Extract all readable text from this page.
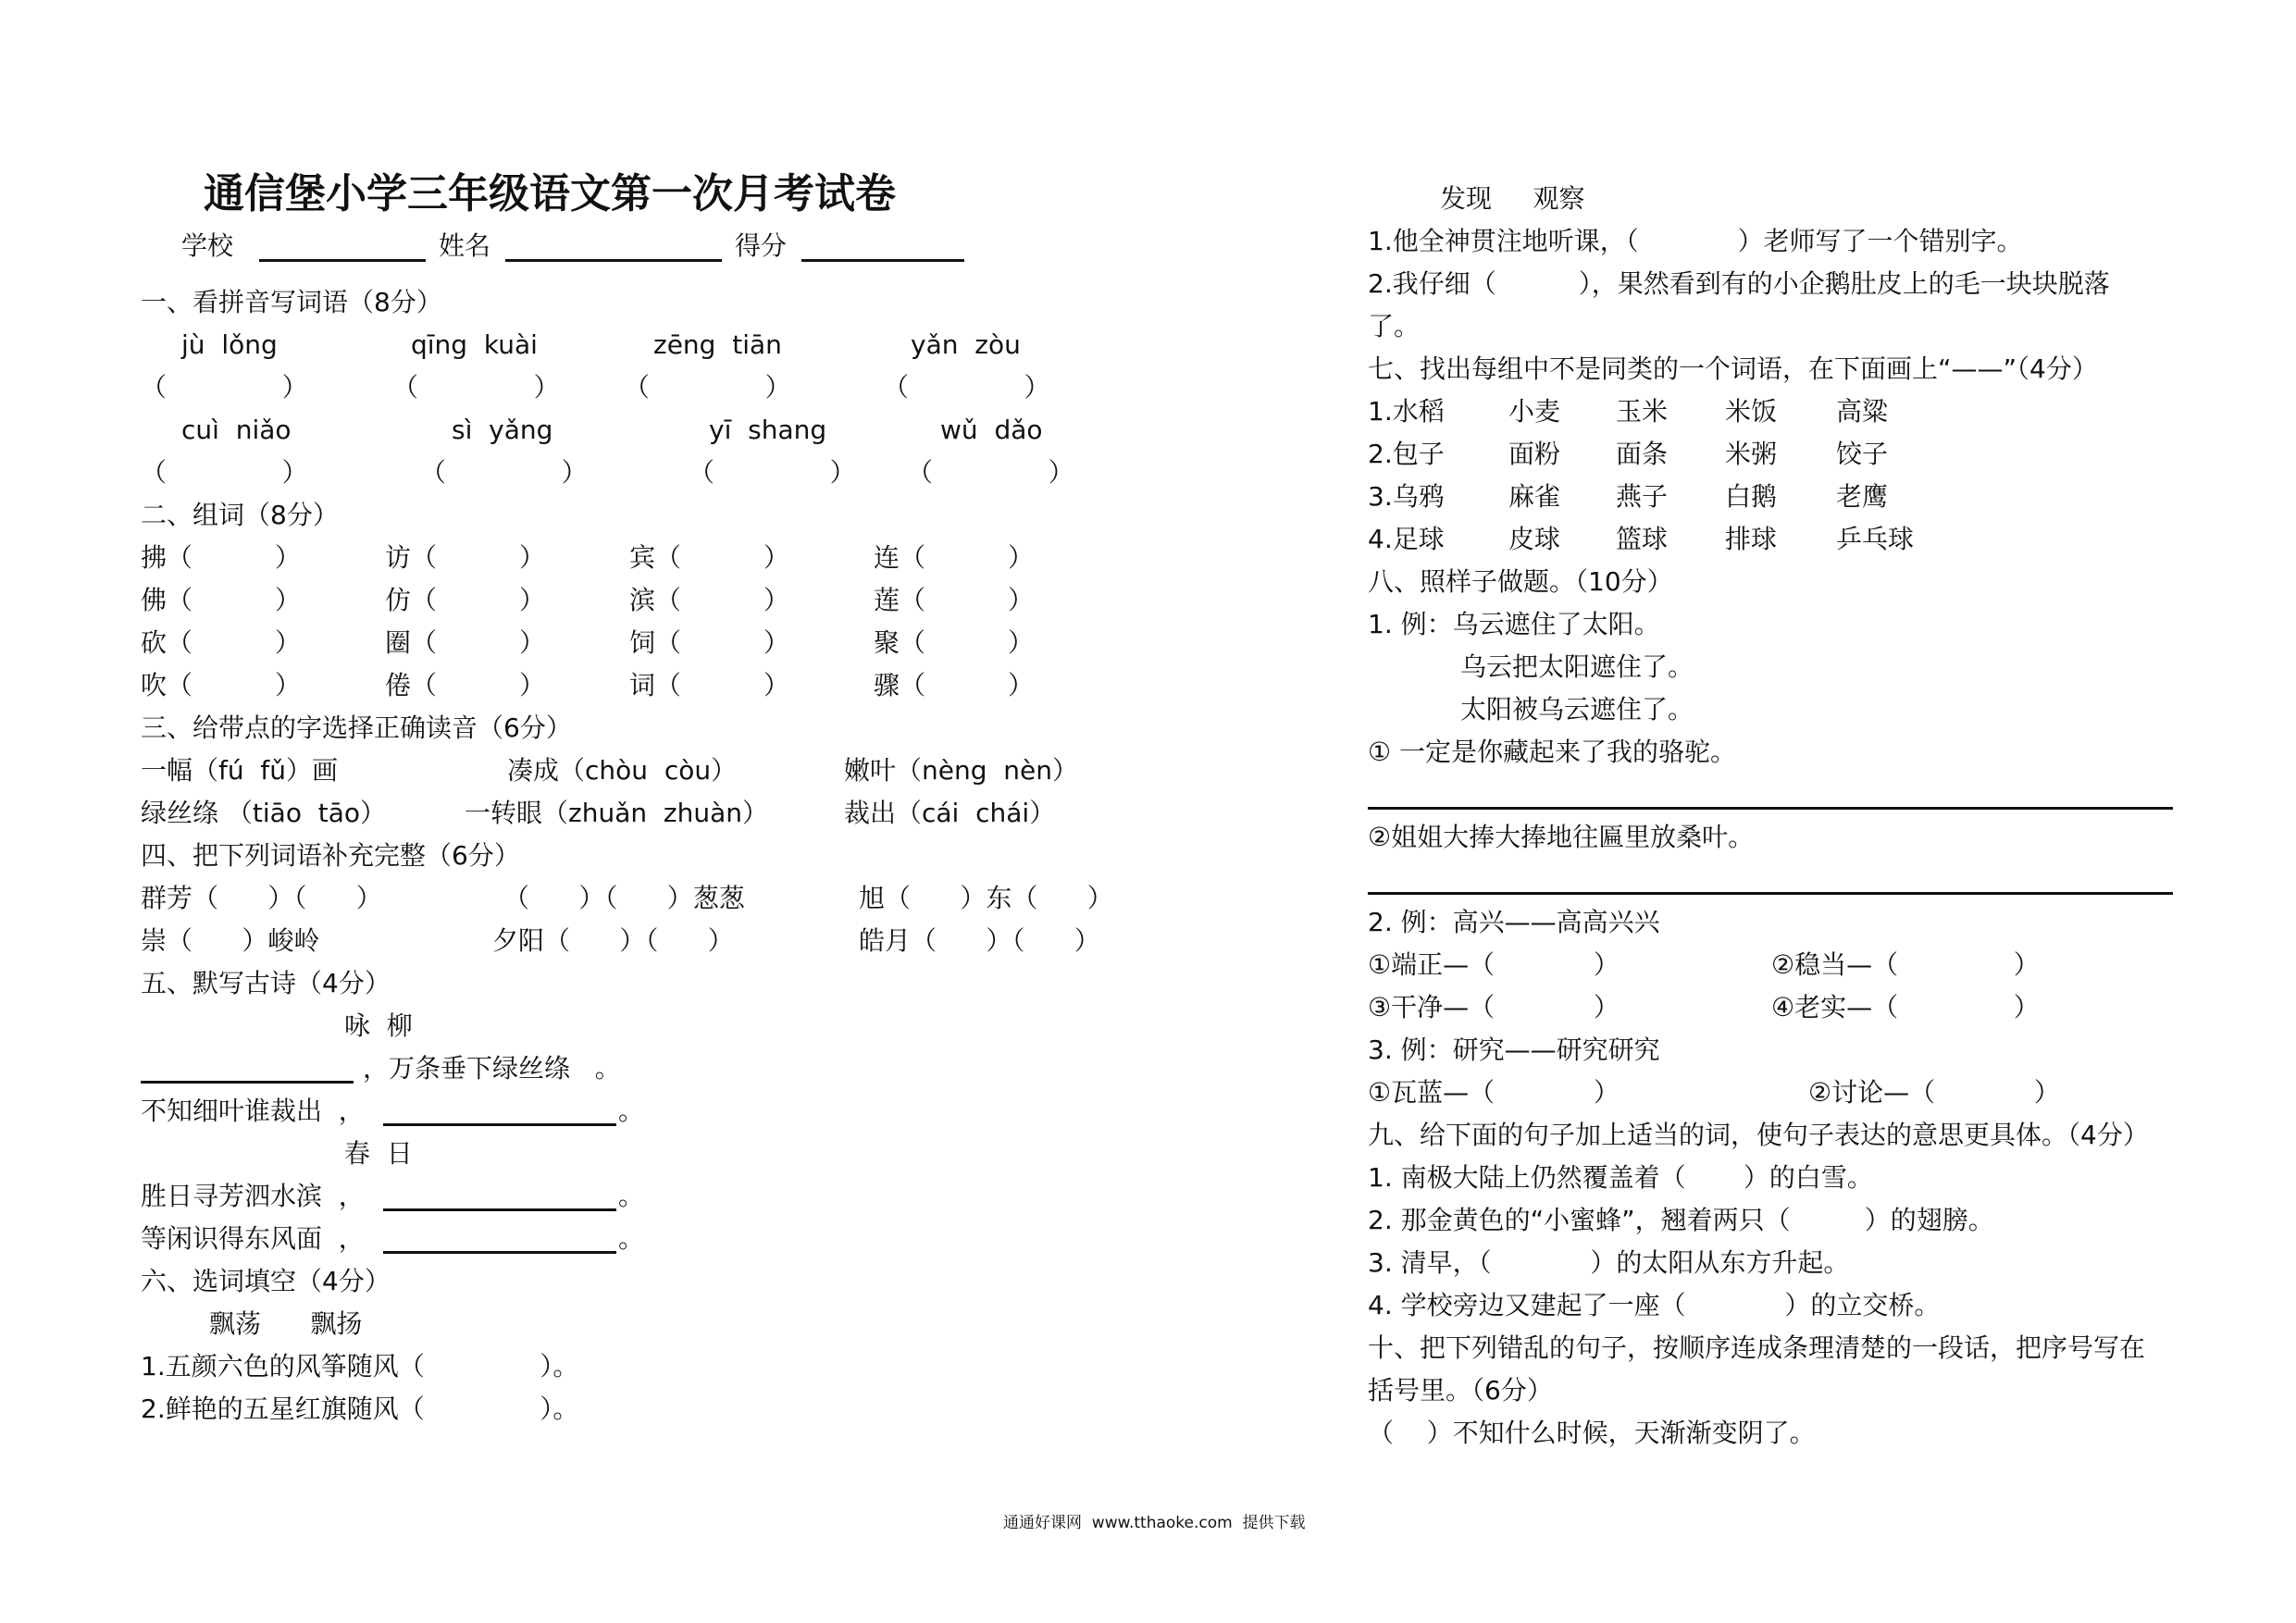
通信堡小学三年级语文第一次月考试卷
学校	姓名	得分
一、看拼音写词语（8分）
jù  lǒng	qīng  kuài	zēng  tiān	yǎn  zòu
（              ）	（              ） （              ）	（              ）
cuì  niǎo	sì  yǎng	yī  shang	wǔ  dǎo
（              ）	（              ）	（              ） （              ）
二、组词（8分）
拂（          ）	访（          ）	宾（          ）	连（          ）
佛（          ）	仿（          ）	滨（          ）	莲（          ）
砍（          ）	圈（          ）	饲（          ）	聚（          ）
吹（          ）	倦（          ）	词（          ）	骤（          ）
三、给带点的字选择正确读音（6分）
一幅（fú  fǔ）画	凑成（chòu  còu）	嫩叶（nèng  nèn）
绿丝绦 （tiāo  tāo）	一转眼（zhuǎn  zhuàn）	裁出（cái  chái）
四、把下列词语补充完整（6分）
群芳（      ）（      ）	（      ）（      ）葱葱	旭（      ）东（      ）
崇（      ）峻岭	夕阳（      ）（      ）	皓月（      ）（      ）
五、默写古诗（4分）
咏  柳
，万条垂下绿丝绦   。
不知细叶谁裁出  ，	。
春  日
胜日寻芳泗水滨  ，	。
等闲识得东风面  ，	。
六、选词填空（4分）
飘荡      飘扬
1.五颜六色的风筝随风（              ）。
2.鲜艳的五星红旗随风（              ）。
发现     观察
1.他全神贯注地听课，（            ）老师写了一个错别字。
2.我仔细（          ），果然看到有的小企鹅肚皮上的毛一块块脱落
了。
七、找出每组中不是同类的一个词语，在下面画上“——”（4分）
1.水稻 小麦 玉米 米饭 高粱
2.包子 面粉 面条 米粥 饺子
3.乌鸦 麻雀 燕子 白鹅 老鹰
4.足球 皮球 篮球 排球 乒乓球
八、照样子做题。（10分）
1. 例：乌云遮住了太阳。
乌云把太阳遮住了。
太阳被乌云遮住了。
① 一定是你藏起来了我的骆驼。
②姐姐大捧大捧地往匾里放桑叶。
2. 例：高兴——高高兴兴
①端正—（            ）	②稳当—（              ）
③干净—（            ）	④老实—（              ）
3. 例：研究——研究研究
①瓦蓝—（            ）	②讨论—（            ）
九、给下面的句子加上适当的词，使句子表达的意思更具体。（4分）
1. 南极大陆上仍然覆盖着（       ）的白雪。
2. 那金黄色的“小蜜蜂”，翘着两只（         ）的翅膀。
3. 清早，（            ）的太阳从东方升起。
4. 学校旁边又建起了一座（            ）的立交桥。
十、把下列错乱的句子，按顺序连成条理清楚的一段话，把序号写在
括号里。（6分）
（    ）不知什么时候，天渐渐变阴了。
通通好课网  www.tthaoke.com  提供下载
